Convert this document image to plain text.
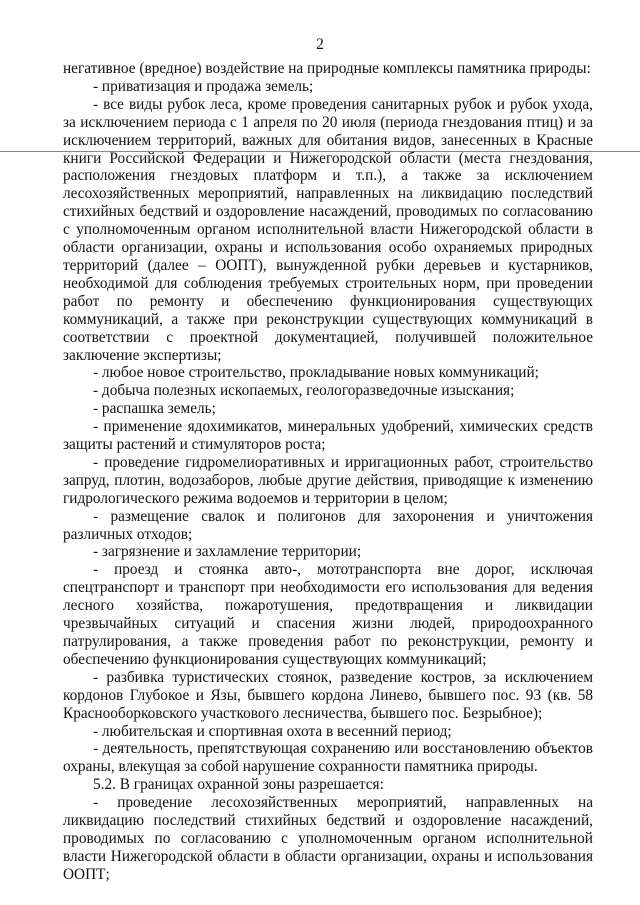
2

негативное (вредное) воздействие на природные комплексы памятника природы:

- приватизация и продажа земель;

- все виды рубок леса, кроме проведения санитарных рубок и рубок ухода, за исключением периода с 1 апреля по 20 июля (периода гнездования птиц) и за исключением территорий, важных для обитания видов, занесенных в Красные книги Российской Федерации и Нижегородской области (места гнездования, расположения гнездовых платформ и т.п.), а также за исключением лесохозяйственных мероприятий, направленных на ликвидацию последствий стихийных бедствий и оздоровление насаждений, проводимых по согласованию с уполномоченным органом исполнительной власти Нижегородской области в области организации, охраны и использования особо охраняемых природных территорий (далее – ООПТ), вынужденной рубки деревьев и кустарников, необходимой для соблюдения требуемых строительных норм, при проведении работ по ремонту и обеспечению функционирования существующих коммуникаций, а также при реконструкции существующих коммуникаций в соответствии с проектной документацией, получившей положительное заключение экспертизы;

- любое новое строительство, прокладывание новых коммуникаций;

- добыча полезных ископаемых, геологоразведочные изыскания;

- распашка земель;

- применение ядохимикатов, минеральных удобрений, химических средств защиты растений и стимуляторов роста;

- проведение гидромелиоративных и ирригационных работ, строительство запруд, плотин, водозаборов, любые другие действия, приводящие к изменению гидрологического режима водоемов и территории в целом;

- размещение свалок и полигонов для захоронения и уничтожения различных отходов;

- загрязнение и захламление территории;

- проезд и стоянка авто-, мототранспорта вне дорог, исключая спецтранспорт и транспорт при необходимости его использования для ведения лесного хозяйства, пожаротушения, предотвращения и ликвидации чрезвычайных ситуаций и спасения жизни людей, природоохранного патрулирования, а также проведения работ по реконструкции, ремонту и обеспечению функционирования существующих коммуникаций;

- разбивка туристических стоянок, разведение костров, за исключением кордонов Глубокое и Язы, бывшего кордона Линево, бывшего пос. 93 (кв. 58 Краснооборковского участкового лесничества, бывшего пос. Безрыбное);

- любительская и спортивная охота в весенний период;

- деятельность, препятствующая сохранению или восстановлению объектов охраны, влекущая за собой нарушение сохранности памятника природы.

5.2. В границах охранной зоны разрешается:

- проведение лесохозяйственных мероприятий, направленных на ликвидацию последствий стихийных бедствий и оздоровление насаждений, проводимых по согласованию с уполномоченным органом исполнительной власти Нижегородской области в области организации, охраны и использования ООПТ;
